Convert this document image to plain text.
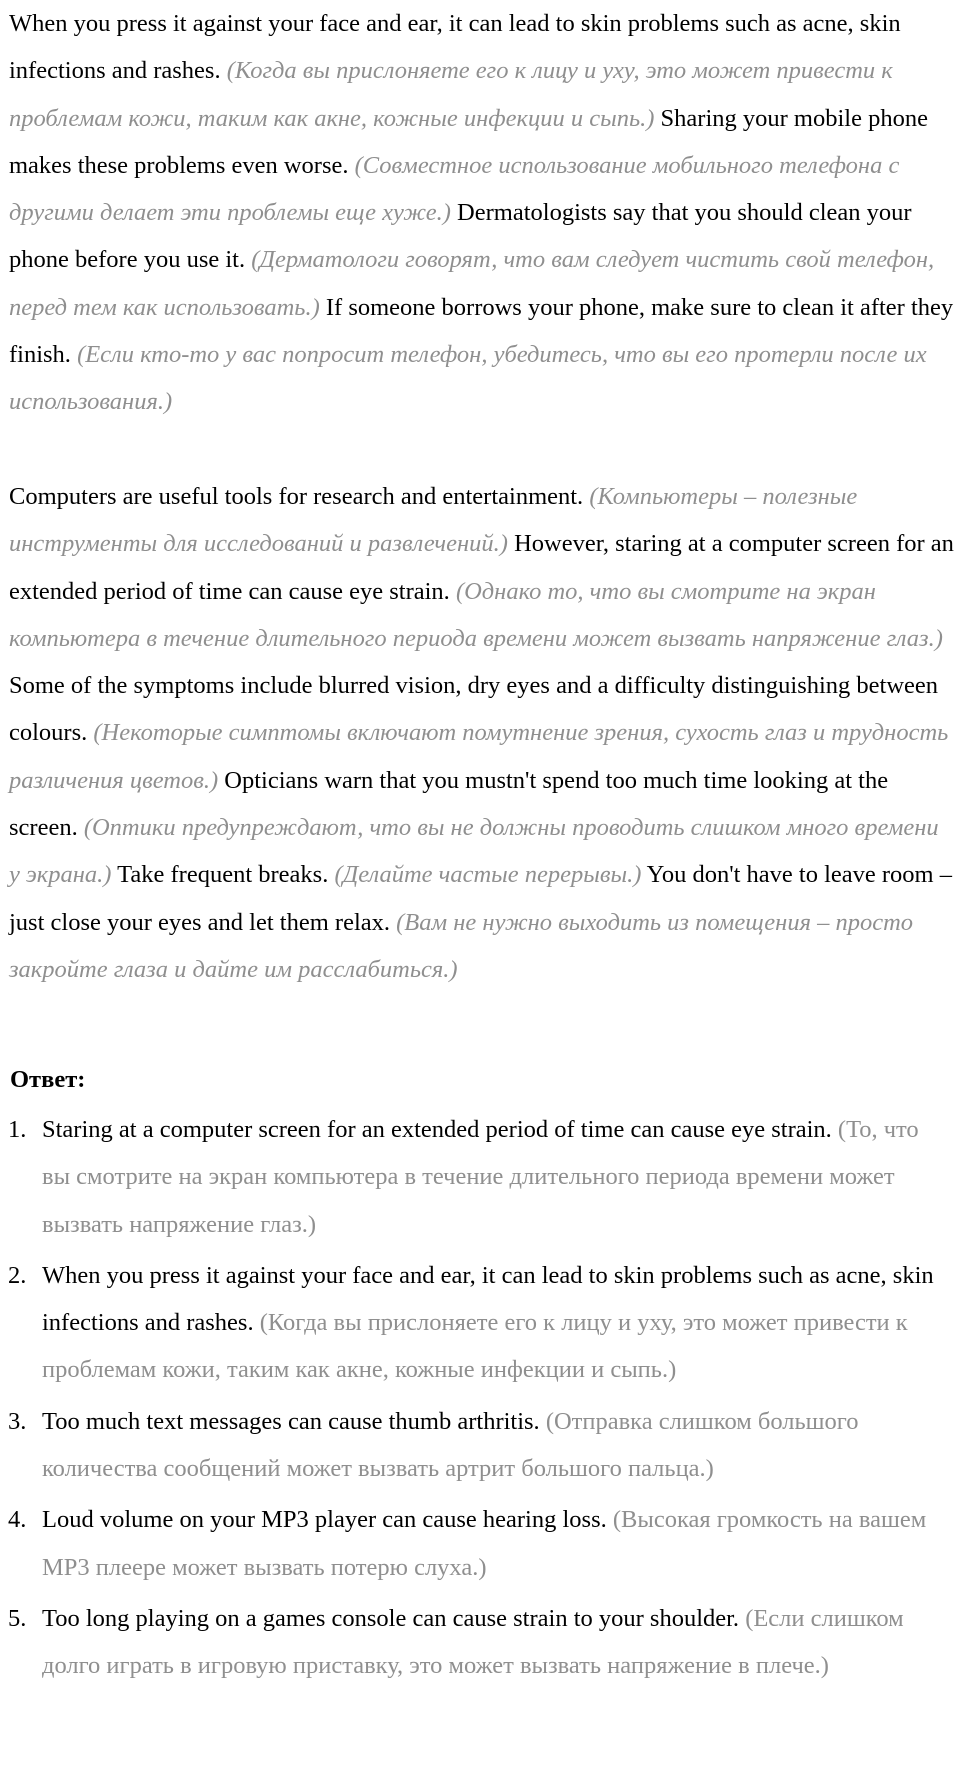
When you press it against your face and ear, it can lead to skin problems such as acne, skin infections and rashes. (Когда вы прислоняете его к лицу и уху, это может привести к проблемам кожи, таким как акне, кожные инфекции и сыпь.) Sharing your mobile phone makes these problems even worse. (Совместное использование мобильного телефона с другими делает эти проблемы еще хуже.) Dermatologists say that you should clean your phone before you use it. (Дерматологи говорят, что вам следует чистить свой телефон, перед тем как использовать.) If someone borrows your phone, make sure to clean it after they finish. (Если кто-то у вас попросит телефон, убедитесь, что вы его протерли после их использования.)

Computers are useful tools for research and entertainment. (Компьютеры – полезные инструменты для исследований и развлечений.) However, staring at a computer screen for an extended period of time can cause eye strain. (Однако то, что вы смотрите на экран компьютера в течение длительного периода времени может вызвать напряжение глаз.) Some of the symptoms include blurred vision, dry eyes and a difficulty distinguishing between colours. (Некоторые симптомы включают помутнение зрения, сухость глаз и трудность различения цветов.) Opticians warn that you mustn't spend too much time looking at the screen. (Оптики предупреждают, что вы не должны проводить слишком много времени у экрана.) Take frequent breaks. (Делайте частые перерывы.) You don't have to leave room – just close your eyes and let them relax. (Вам не нужно выходить из помещения – просто закройте глаза и дайте им расслабиться.)

Ответ:
1. Staring at a computer screen for an extended period of time can cause eye strain. (То, что вы смотрите на экран компьютера в течение длительного периода времени может вызвать напряжение глаз.)
2. When you press it against your face and ear, it can lead to skin problems such as acne, skin infections and rashes. (Когда вы прислоняете его к лицу и уху, это может привести к проблемам кожи, таким как акне, кожные инфекции и сыпь.)
3. Too much text messages can cause thumb arthritis. (Отправка слишком большого количества сообщений может вызвать артрит большого пальца.)
4. Loud volume on your MP3 player can cause hearing loss. (Высокая громкость на вашем MP3 плеере может вызвать потерю слуха.)
5. Too long playing on a games console can cause strain to your shoulder. (Если слишком долго играть в игровую приставку, это может вызвать напряжение в плече.)
